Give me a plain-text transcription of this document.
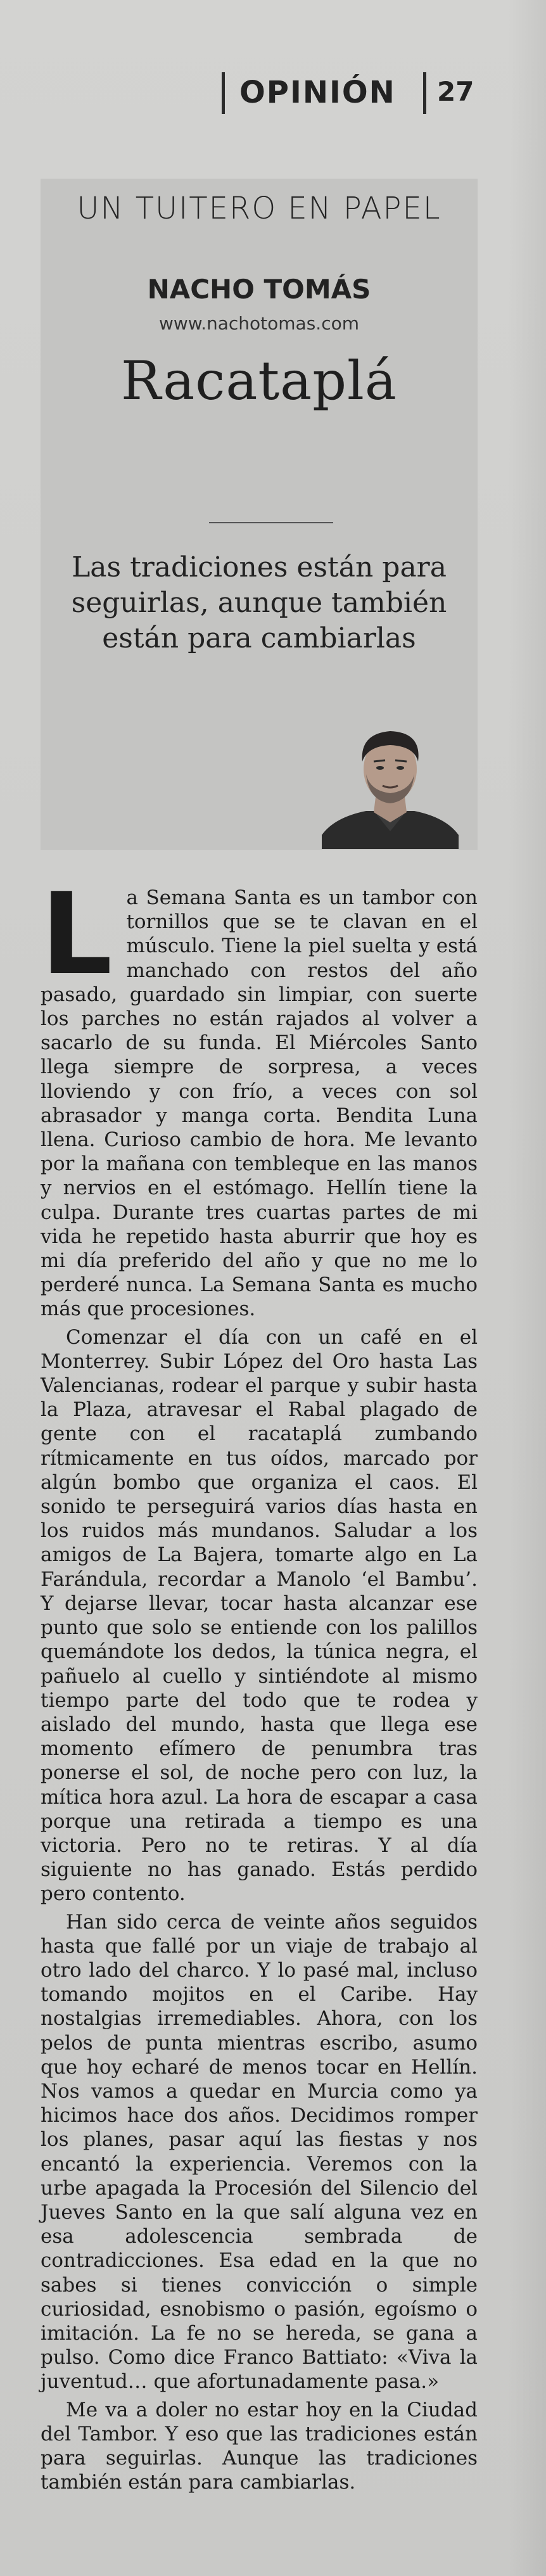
OPINIÓN 27
UN TUITERO EN PAPEL
NACHO TOMÁS
www.nachotomas.com
Racataplá
Las tradiciones están para seguirlas, aunque también están para cambiarlas

La Semana Santa es un tambor con tornillos que se te clavan en el músculo. Tiene la piel suelta y está manchado con restos del año pasado, guardado sin limpiar, con suerte los parches no están rajados al volver a sacarlo de su funda. El Miércoles Santo llega siempre de sorpresa, a veces lloviendo y con frío, a veces con sol abrasador y manga corta. Bendita Luna llena. Curioso cambio de hora. Me levanto por la mañana con tembleque en las manos y nervios en el estómago. Hellín tiene la culpa. Durante tres cuartas partes de mi vida he repetido hasta aburrir que hoy es mi día preferido del año y que no me lo perderé nunca. La Semana Santa es mucho más que procesiones.

Comenzar el día con un café en el Monterrey. Subir López del Oro hasta Las Valencianas, rodear el parque y subir hasta la Plaza, atravesar el Rabal plagado de gente con el racataplá zumbando rítmicamente en tus oídos, marcado por algún bombo que organiza el caos. El sonido te perseguirá varios días hasta en los ruidos más mundanos. Saludar a los amigos de La Bajera, tomarte algo en La Farándula, recordar a Manolo ‘el Bambu’. Y dejarse llevar, tocar hasta alcanzar ese punto que solo se entiende con los palillos quemándote los dedos, la túnica negra, el pañuelo al cuello y sintiéndote al mismo tiempo parte del todo que te rodea y aislado del mundo, hasta que llega ese momento efímero de penumbra tras ponerse el sol, de noche pero con luz, la mítica hora azul. La hora de escapar a casa porque una retirada a tiempo es una victoria. Pero no te retiras. Y al día siguiente no has ganado. Estás perdido pero contento.

Han sido cerca de veinte años seguidos hasta que fallé por un viaje de trabajo al otro lado del charco. Y lo pasé mal, incluso tomando mojitos en el Caribe. Hay nostalgias irremediables. Ahora, con los pelos de punta mientras escribo, asumo que hoy echaré de menos tocar en Hellín. Nos vamos a quedar en Murcia como ya hicimos hace dos años. Decidimos romper los planes, pasar aquí las fiestas y nos encantó la experiencia. Veremos con la urbe apagada la Procesión del Silencio del Jueves Santo en la que salí alguna vez en esa adolescencia sembrada de contradicciones. Esa edad en la que no sabes si tienes convicción o simple curiosidad, esnobismo o pasión, egoísmo o imitación. La fe no se hereda, se gana a pulso. Como dice Franco Battiato: «Viva la juventud… que afortunadamente pasa.»

Me va a doler no estar hoy en la Ciudad del Tambor. Y eso que las tradiciones están para seguirlas. Aunque las tradiciones también están para cambiarlas.
